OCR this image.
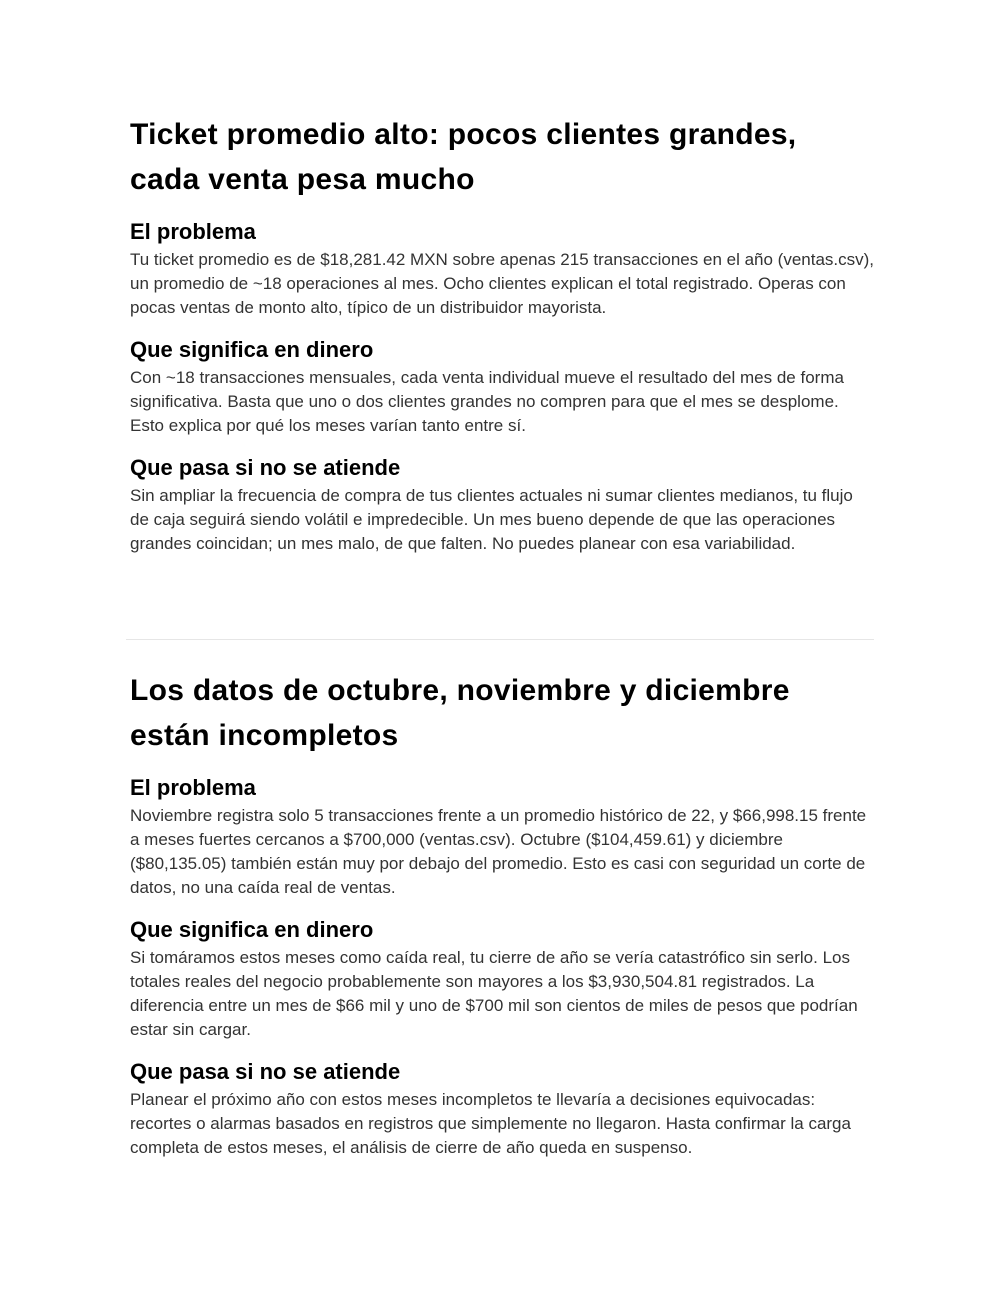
Ticket promedio alto: pocos clientes grandes, cada venta pesa mucho
El problema

Tu ticket promedio es de $18,281.42 MXN sobre apenas 215 transacciones en el año (ventas.csv), un promedio de ~18 operaciones al mes. Ocho clientes explican el total registrado. Operas con pocas ventas de monto alto, típico de un distribuidor mayorista.

Que significa en dinero

Con ~18 transacciones mensuales, cada venta individual mueve el resultado del mes de forma significativa. Basta que uno o dos clientes grandes no compren para que el mes se desplome. Esto explica por qué los meses varían tanto entre sí.

Que pasa si no se atiende

Sin ampliar la frecuencia de compra de tus clientes actuales ni sumar clientes medianos, tu flujo de caja seguirá siendo volátil e impredecible. Un mes bueno depende de que las operaciones grandes coincidan; un mes malo, de que falten. No puedes planear con esa variabilidad.

Los datos de octubre, noviembre y diciembre están incompletos
El problema

Noviembre registra solo 5 transacciones frente a un promedio histórico de 22, y $66,998.15 frente a meses fuertes cercanos a $700,000 (ventas.csv). Octubre ($104,459.61) y diciembre ($80,135.05) también están muy por debajo del promedio. Esto es casi con seguridad un corte de datos, no una caída real de ventas.

Que significa en dinero

Si tomáramos estos meses como caída real, tu cierre de año se vería catastrófico sin serlo. Los totales reales del negocio probablemente son mayores a los $3,930,504.81 registrados. La diferencia entre un mes de $66 mil y uno de $700 mil son cientos de miles de pesos que podrían estar sin cargar.

Que pasa si no se atiende

Planear el próximo año con estos meses incompletos te llevaría a decisiones equivocadas: recortes o alarmas basados en registros que simplemente no llegaron. Hasta confirmar la carga completa de estos meses, el análisis de cierre de año queda en suspenso.
